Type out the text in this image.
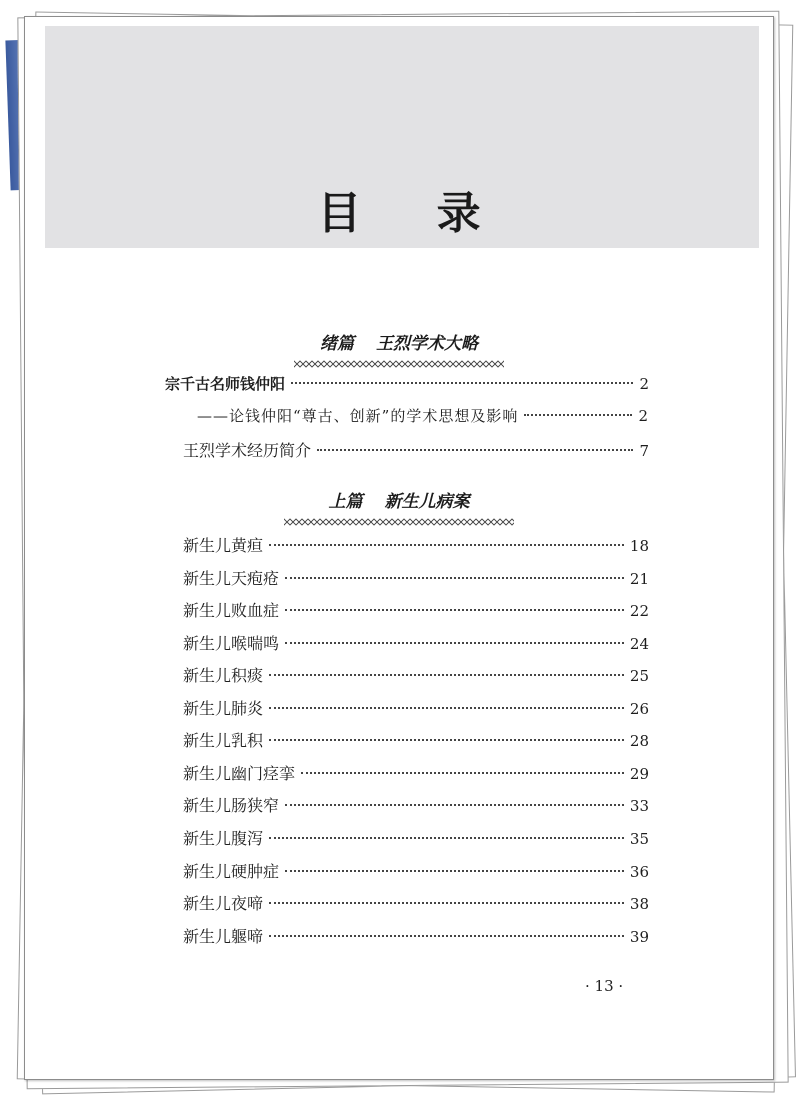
目 录
绪篇 王烈学术大略
宗千古名师钱仲阳	2
——论钱仲阳“尊古、创新”的学术思想及影响	2
王烈学术经历简介	7
上篇 新生儿病案
新生儿黄疸	18
新生儿天疱疮	21
新生儿败血症	22
新生儿喉喘鸣	24
新生儿积痰	25
新生儿肺炎	26
新生儿乳积	28
新生儿幽门痉挛	29
新生儿肠狭窄	33
新生儿腹泻	35
新生儿硬肿症	36
新生儿夜啼	38
新生儿躽啼	39
· 13 ·
